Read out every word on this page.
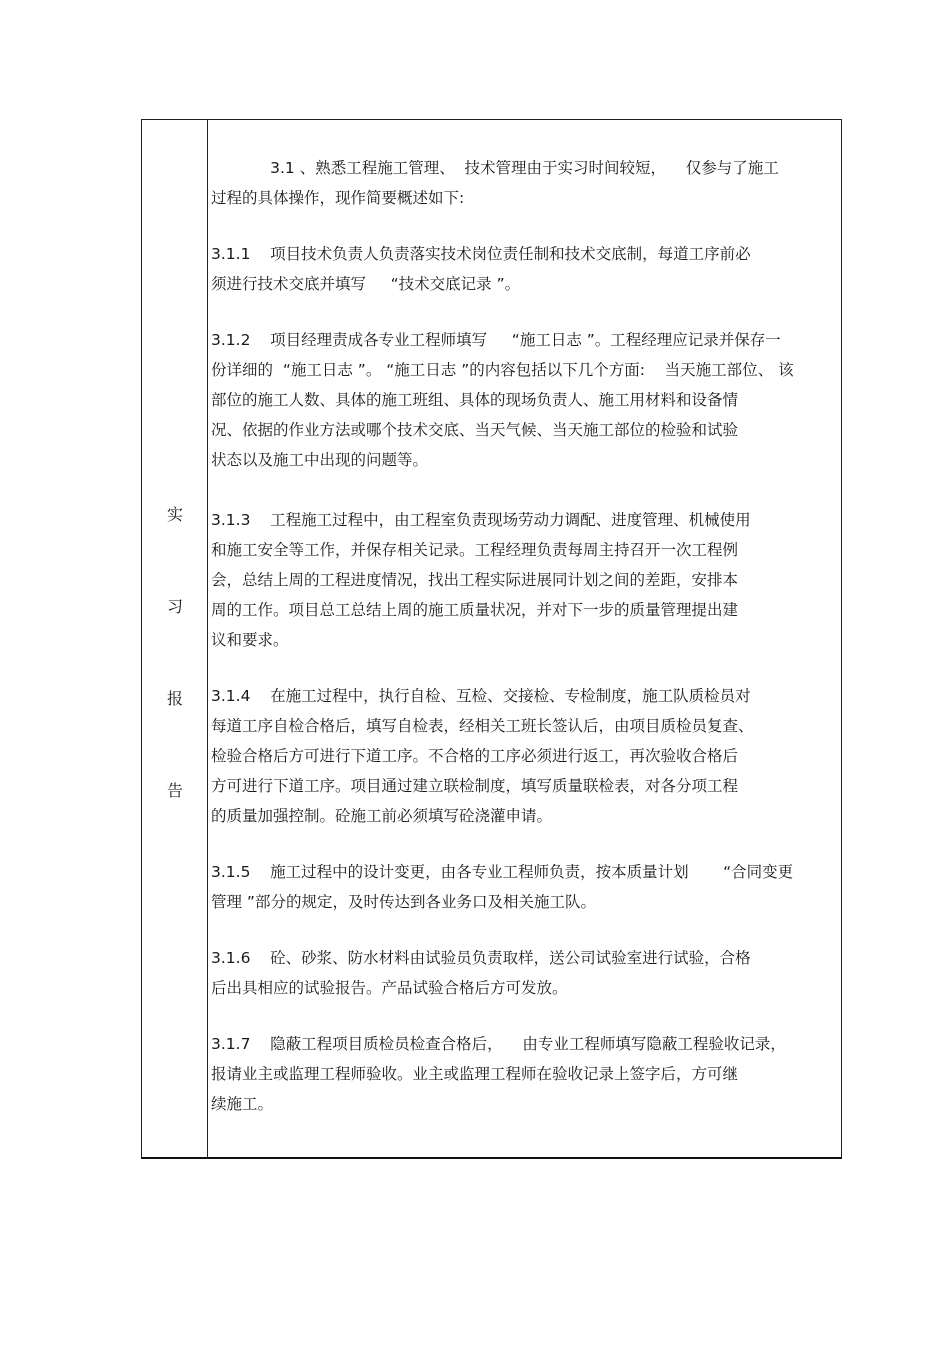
实
习
报
告
3.1 、熟悉工程施工管理、  技术管理由于实习时间较短，    仅参与了施工
过程的具体操作，现作简要概述如下:
3.1.1    项目技术负责人负责落实技术岗位责任制和技术交底制，每道工序前必
须进行技术交底并填写     “技术交底记录 ”。
3.1.2    项目经理责成各专业工程师填写     “施工日志 ”。工程经理应记录并保存一
份详细的  “施工日志 ”。 “施工日志 ”的内容包括以下几个方面:    当天施工部位、 该
部位的施工人数、具体的施工班组、具体的现场负责人、施工用材料和设备情
况、依据的作业方法或哪个技术交底、当天气候、当天施工部位的检验和试验
状态以及施工中出现的问题等。
3.1.3    工程施工过程中，由工程室负责现场劳动力调配、进度管理、机械使用
和施工安全等工作，并保存相关记录。工程经理负责每周主持召开一次工程例
会，总结上周的工程进度情况，找出工程实际进展同计划之间的差距，安排本
周的工作。项目总工总结上周的施工质量状况，并对下一步的质量管理提出建
议和要求。
3.1.4    在施工过程中，执行自检、互检、交接检、专检制度，施工队质检员对
每道工序自检合格后，填写自检表，经相关工班长签认后，由项目质检员复查、
检验合格后方可进行下道工序。不合格的工序必须进行返工，再次验收合格后
方可进行下道工序。项目通过建立联检制度，填写质量联检表，对各分项工程
的质量加强控制。砼施工前必须填写砼浇灌申请。
3.1.5    施工过程中的设计变更，由各专业工程师负责，按本质量计划       “合同变更
管理 ”部分的规定，及时传达到各业务口及相关施工队。
3.1.6    砼、砂浆、防水材料由试验员负责取样，送公司试验室进行试验，合格
后出具相应的试验报告。产品试验合格后方可发放。
3.1.7    隐蔽工程项目质检员检查合格后，    由专业工程师填写隐蔽工程验收记录，
报请业主或监理工程师验收。业主或监理工程师在验收记录上签字后，方可继
续施工。
